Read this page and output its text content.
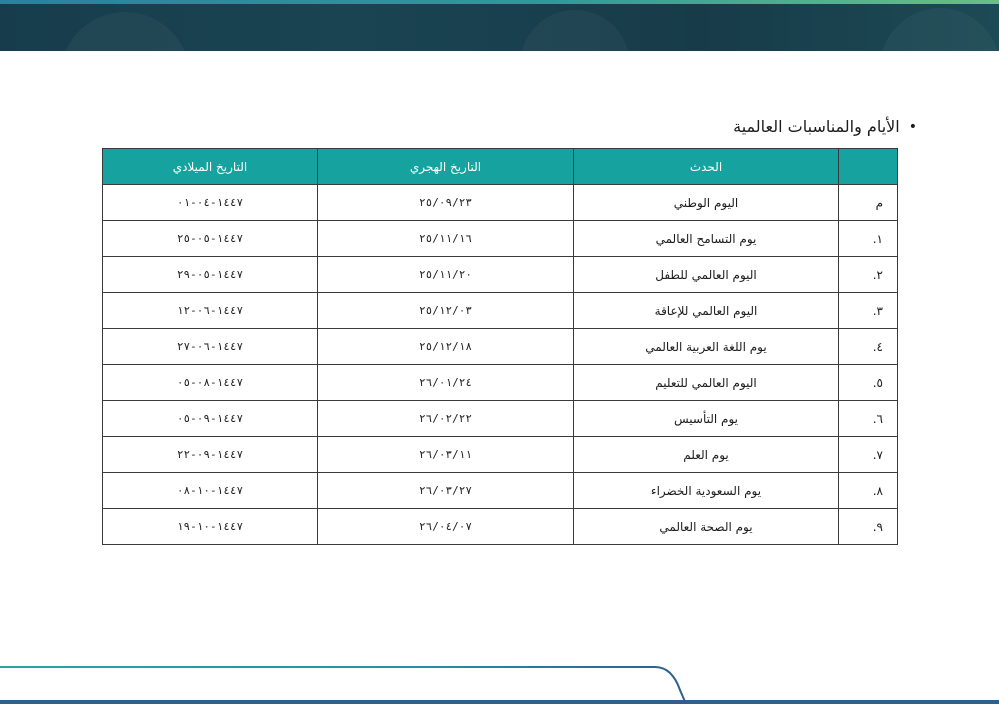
•
الأيام والمناسبات العالمية
	الحدث	التاريخ الهجري	التاريخ الميلادي
م	اليوم الوطني	٢٥/٠٩/٢٣	١٤٤٧-٠٤-٠١
١.	يوم التسامح العالمي	٢٥/١١/١٦	١٤٤٧-٠٥-٢٥
٢.	اليوم العالمي للطفل	٢٥/١١/٢٠	١٤٤٧-٠٥-٢٩
٣.	اليوم العالمي للإعاقة	٢٥/١٢/٠٣	١٤٤٧-٠٦-١٢
٤.	يوم اللغة العربية العالمي	٢٥/١٢/١٨	١٤٤٧-٠٦-٢٧
٥.	اليوم العالمي للتعليم	٢٦/٠١/٢٤	١٤٤٧-٠٨-٠٥
٦.	يوم التأسيس	٢٦/٠٢/٢٢	١٤٤٧-٠٩-٠٥
٧.	يوم العلم	٢٦/٠٣/١١	١٤٤٧-٠٩-٢٢
٨.	يوم السعودية الخضراء	٢٦/٠٣/٢٧	١٤٤٧-١٠-٠٨
٩.	يوم الصحة العالمي	٢٦/٠٤/٠٧	١٤٤٧-١٠-١٩
